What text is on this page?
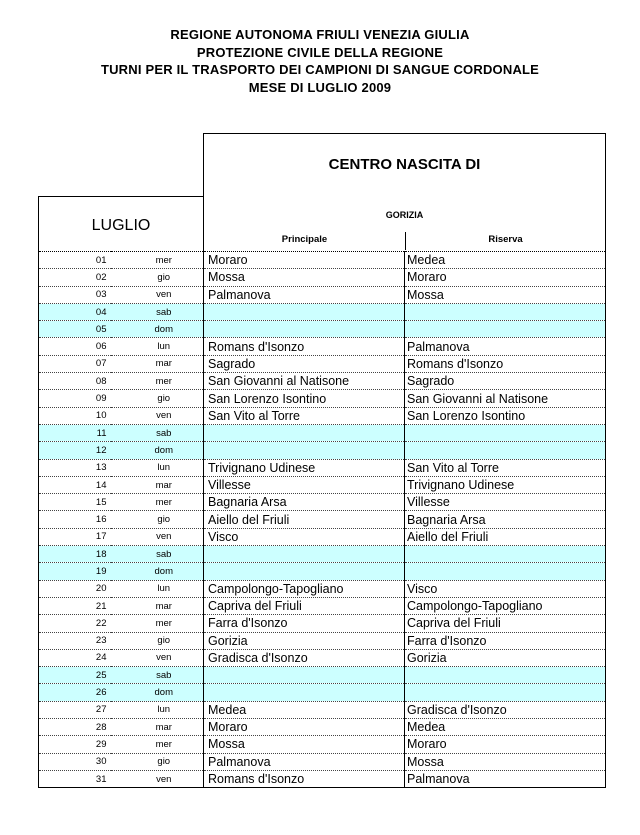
REGIONE AUTONOMA FRIULI VENEZIA GIULIA
PROTEZIONE CIVILE DELLA REGIONE
TURNI PER IL TRASPORTO DEI CAMPIONI DI SANGUE CORDONALE
MESE DI LUGLIO 2009
LUGLIO
CENTRO NASCITA DI
GORIZIA
Principale	Riserva
01	mer	Moraro	Medea
02	gio	Mossa	Moraro
03	ven	Palmanova	Mossa
04	sab		
05	dom		
06	lun	Romans d'Isonzo	Palmanova
07	mar	Sagrado	Romans d'Isonzo
08	mer	San Giovanni al Natisone	Sagrado
09	gio	San Lorenzo Isontino	San Giovanni al Natisone
10	ven	San Vito al Torre	San Lorenzo Isontino
11	sab		
12	dom		
13	lun	Trivignano Udinese	San Vito al Torre
14	mar	Villesse	Trivignano Udinese
15	mer	Bagnaria Arsa	Villesse
16	gio	Aiello del Friuli	Bagnaria Arsa
17	ven	Visco	Aiello del Friuli
18	sab		
19	dom		
20	lun	Campolongo-Tapogliano	Visco
21	mar	Capriva del Friuli	Campolongo-Tapogliano
22	mer	Farra d'Isonzo	Capriva del Friuli
23	gio	Gorizia	Farra d'Isonzo
24	ven	Gradisca d'Isonzo	Gorizia
25	sab		
26	dom		
27	lun	Medea	Gradisca d'Isonzo
28	mar	Moraro	Medea
29	mer	Mossa	Moraro
30	gio	Palmanova	Mossa
31	ven	Romans d'Isonzo	Palmanova
